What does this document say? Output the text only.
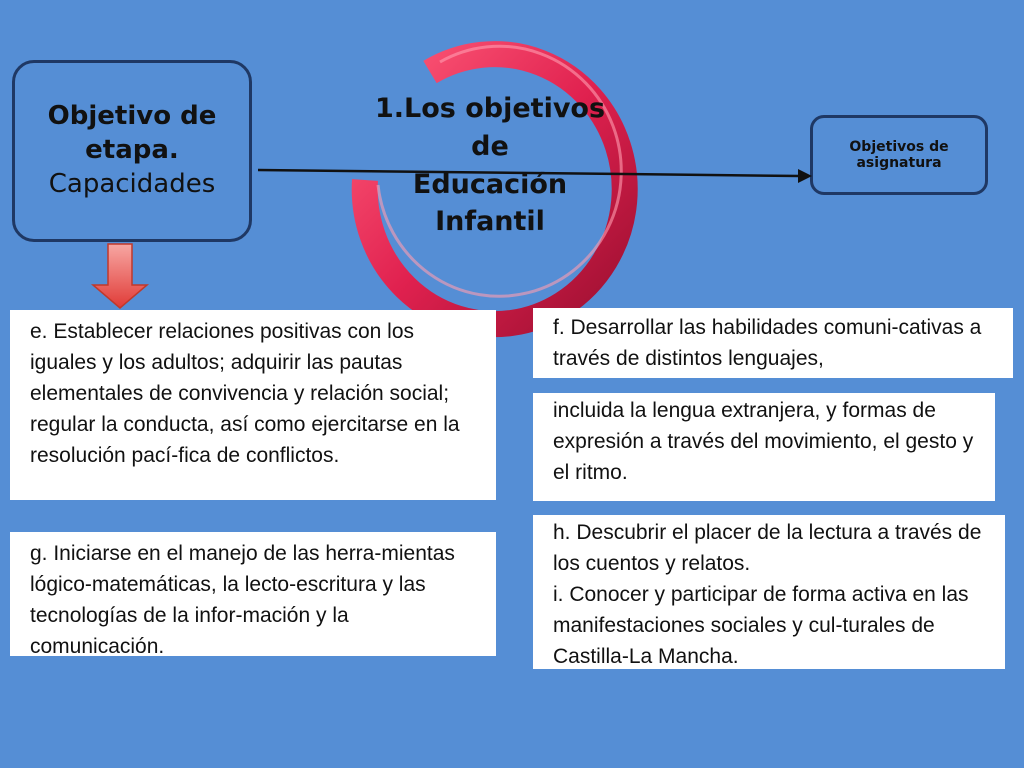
Objetivo de
etapa.
Capacidades
1.Los objetivos de
Educación Infantil
Objetivos de
asignatura

e. Establecer relaciones positivas con los iguales y los adultos; adquirir las pautas elementales de convivencia y relación social; regular la conducta, así como ejercitarse en la resolución pací-fica de conflictos.

f. Desarrollar las habilidades comuni-cativas a través de distintos lenguajes,

incluida la lengua extranjera, y formas de expresión a través del movimiento, el gesto y el ritmo.

g. Iniciarse en el manejo de las herra-mientas lógico-matemáticas, la lecto-escritura y las tecnologías de la infor-mación y la comunicación.

h. Descubrir el placer de la lectura a través de los cuentos y relatos.

i. Conocer y participar de forma activa en las manifestaciones sociales y cul-turales de Castilla-La Mancha.
